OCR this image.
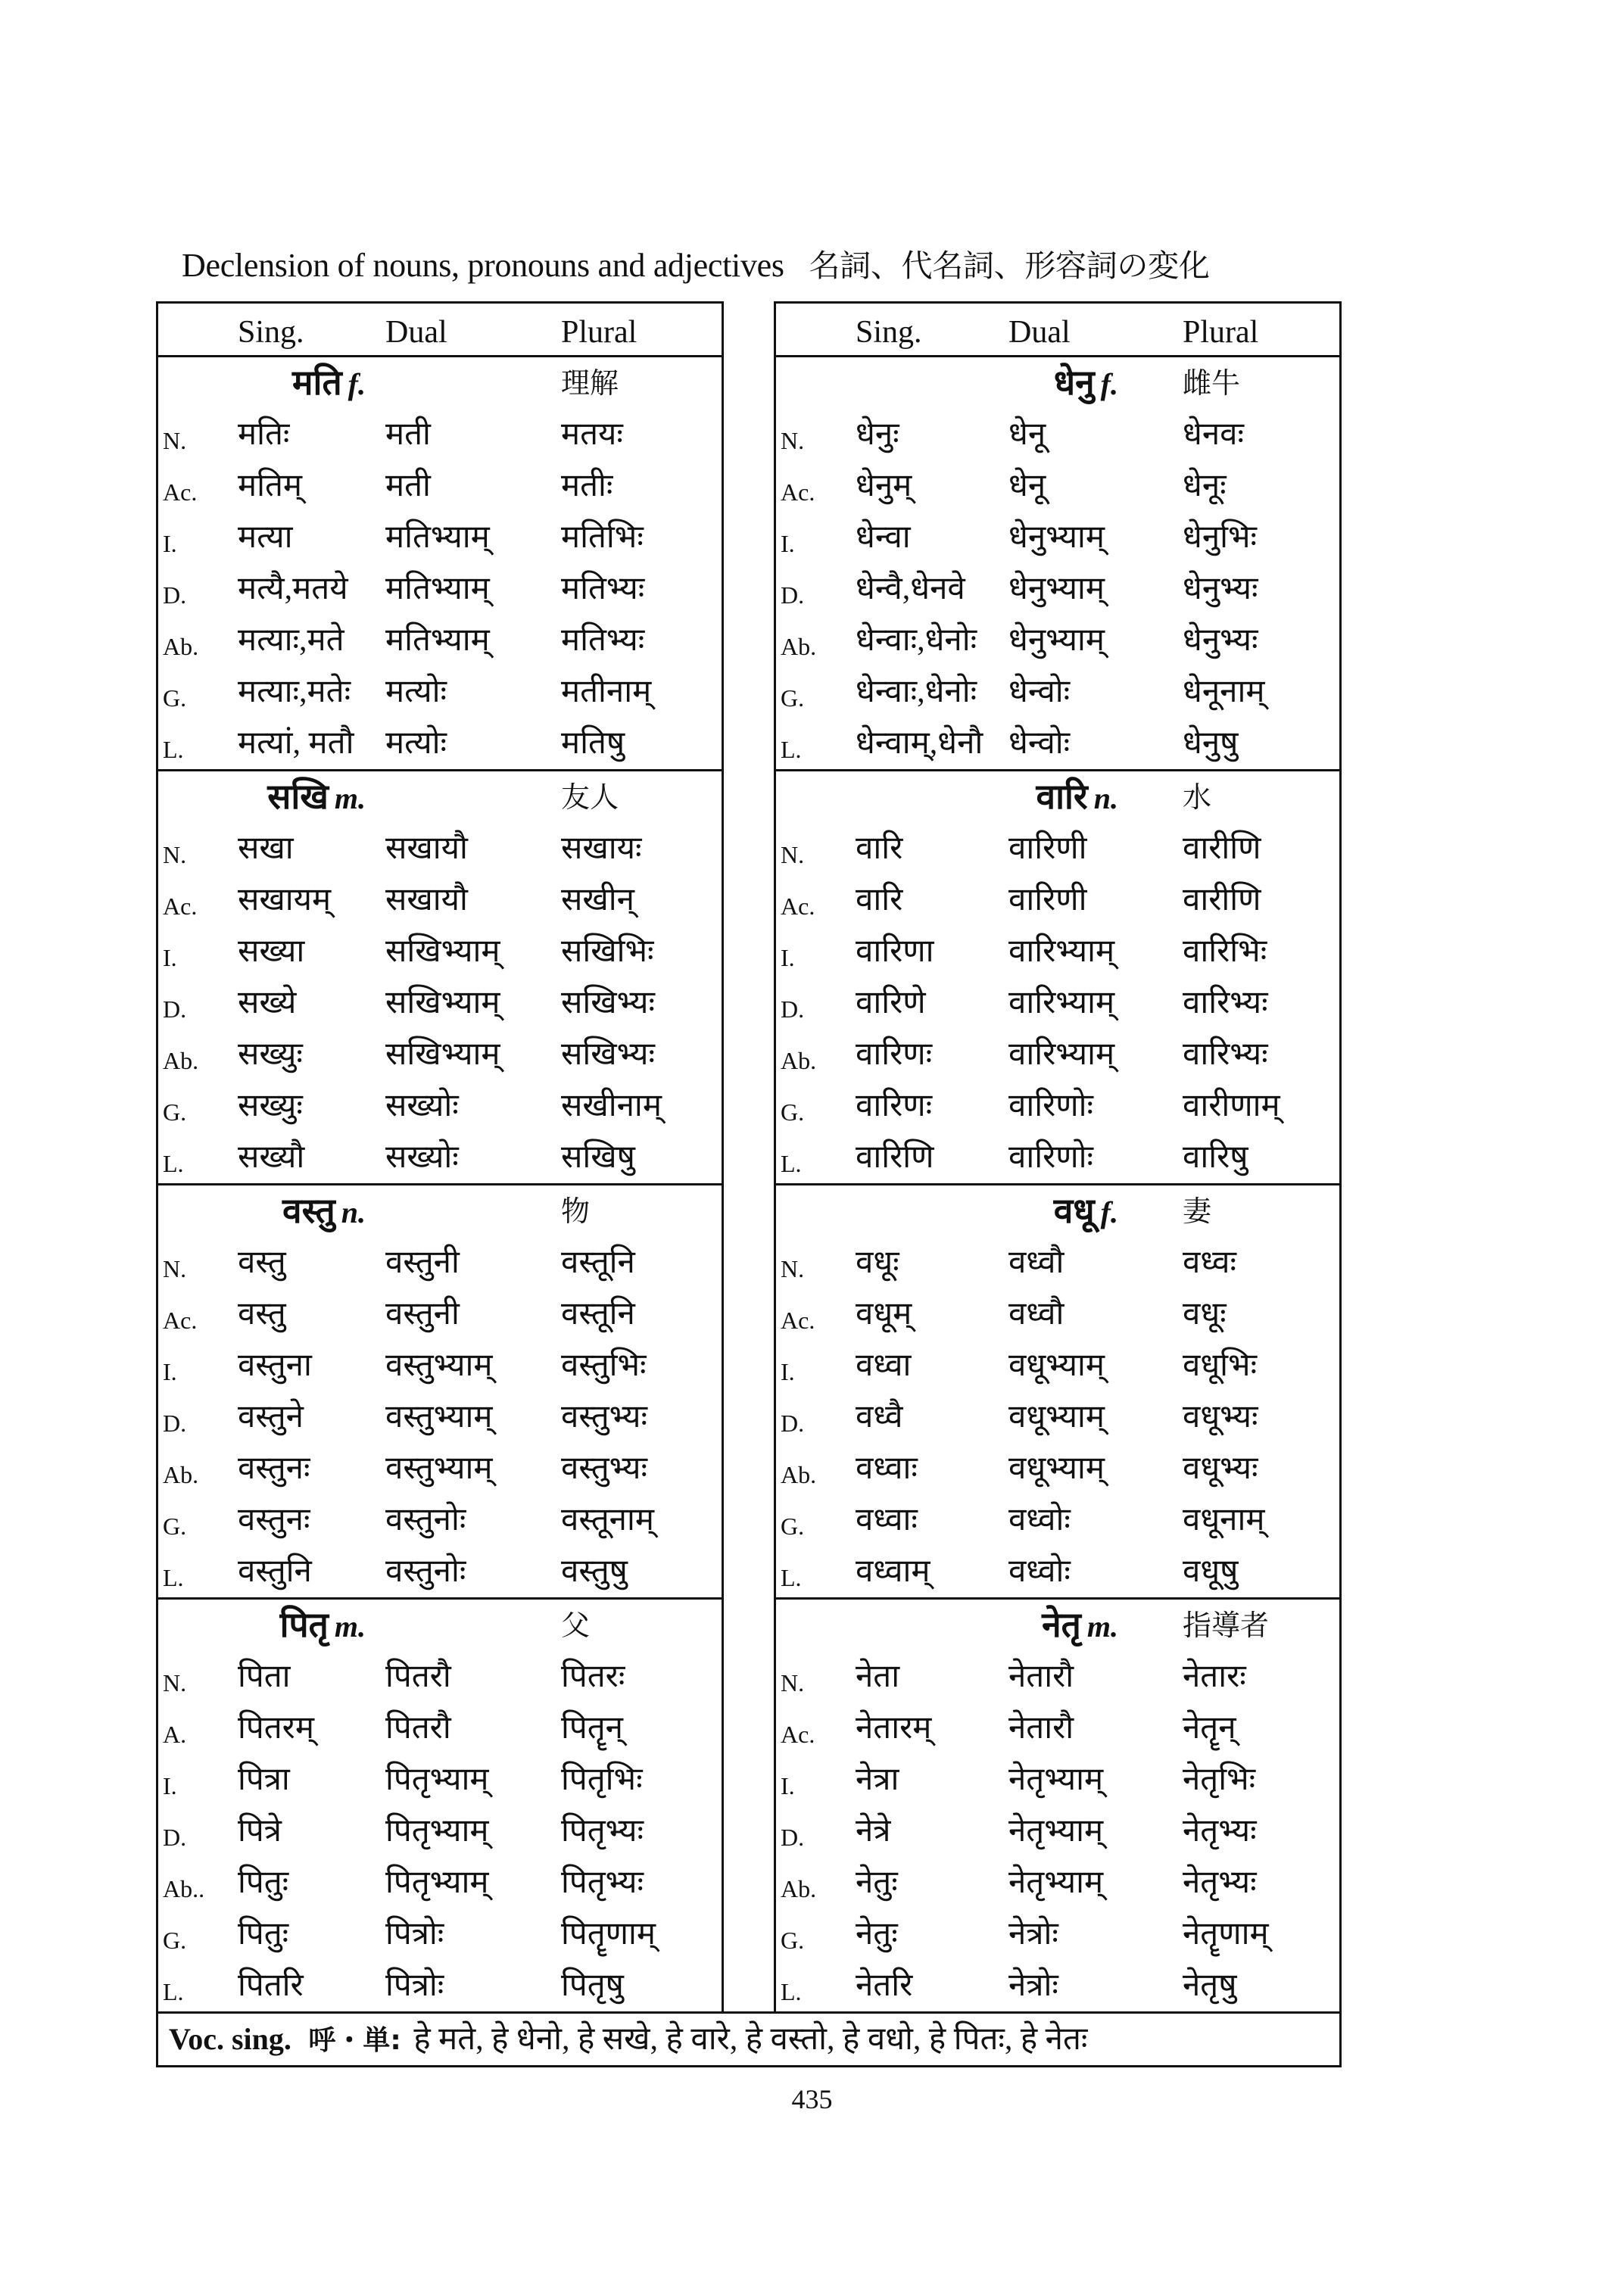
Declension of nouns, pronouns and adjectives 名詞、代名詞、形容詞の変化
Sing.	Dual	Plural
मति f.	理解
N. मतिः	मती	मतयः
Ac. मतिम्	मती	मतीः
I. मत्या	मतिभ्याम् मतिभिः
D. मत्यै,मतये मतिभ्याम् मतिभ्यः
Ab. मत्याः,मते मतिभ्याम् मतिभ्यः
G. मत्याः,मतेः मत्योः	मतीनाम्
L. मत्यां, मतौ मत्योः	मतिषु
सखि m.	友人
N. सखा	सखायौ	सखायः
Ac. सखायम् सखायौ	सखीन्
I. सख्या	सखिभ्याम् सखिभिः
D. सख्ये	सखिभ्याम् सखिभ्यः
Ab. सख्युः	सखिभ्याम् सखिभ्यः
G. सख्युः	सख्योः	सखीनाम्
L. सख्यौ	सख्योः	सखिषु
वस्तु n.	物
N. वस्तु	वस्तुनी	वस्तूनि
Ac. वस्तु	वस्तुनी	वस्तूनि
I. वस्तुना वस्तुभ्याम् वस्तुभिः
D. वस्तुने	वस्तुभ्याम् वस्तुभ्यः
Ab. वस्तुनः वस्तुभ्याम् वस्तुभ्यः
G. वस्तुनः वस्तुनोः	वस्तूनाम्
L. वस्तुनि वस्तुनोः	वस्तुषु
पितृ m.	父
N. पिता	पितरौ	पितरः
A. पितरम् पितरौ	पितॄन्
I. पित्रा	पितृभ्याम् पितृभिः
D. पित्रे	पितृभ्याम् पितृभ्यः
Ab.. पितुः	पितृभ्याम् पितृभ्यः
G. पितुः	पित्रोः	पितॄणाम्
L. पितरि	पित्रोः	पितृषु
Sing.	Dual	Plural
धेनु f. 雌牛
N. धेनुः	धेनू	धेनवः
Ac. धेनुम्	धेनू	धेनूः
I. धेन्वा	धेनुभ्याम् धेनुभिः
D. धेन्वै,धेनवे धेनुभ्याम् धेनुभ्यः
Ab. धेन्वाः,धेनोः धेनुभ्याम् धेनुभ्यः
G. धेन्वाः,धेनोः धेन्वोः	धेनूनाम्
L. धेन्वाम्,धेनौ धेन्वोः	धेनुषु
वारि n. 水
N. वारि	वारिणी	वारीणि
Ac. वारि	वारिणी	वारीणि
I. वारिणा वारिभ्याम् वारिभिः
D. वारिणे	वारिभ्याम् वारिभ्यः
Ab. वारिणः वारिभ्याम् वारिभ्यः
G. वारिणः वारिणोः	वारीणाम्
L. वारिणि वारिणोः	वारिषु
वधू f. 妻
N. वधूः	वध्वौ	वध्वः
Ac. वधूम्	वध्वौ	वधूः
I. वध्वा	वधूभ्याम् वधूभिः
D. वध्वै	वधूभ्याम् वधूभ्यः
Ab. वध्वाः	वधूभ्याम् वधूभ्यः
G. वध्वाः	वध्वोः	वधूनाम्
L. वध्वाम् वध्वोः	वधूषु
नेतृ m. 指導者
N. नेता	नेतारौ	नेतारः
Ac. नेतारम् नेतारौ	नेतॄन्
I. नेत्रा	नेतृभ्याम् नेतृभिः
D. नेत्रे	नेतृभ्याम् नेतृभ्यः
Ab. नेतुः	नेतृभ्याम् नेतृभ्यः
G. नेतुः	नेत्रोः	नेतॄणाम्
L. नेतरि	नेत्रोः	नेतृषु
Voc. sing. 呼・単: हे मते, हे धेनो, हे सखे, हे वारे, हे वस्तो, हे वधो, हे पितः, हे नेतः
435
